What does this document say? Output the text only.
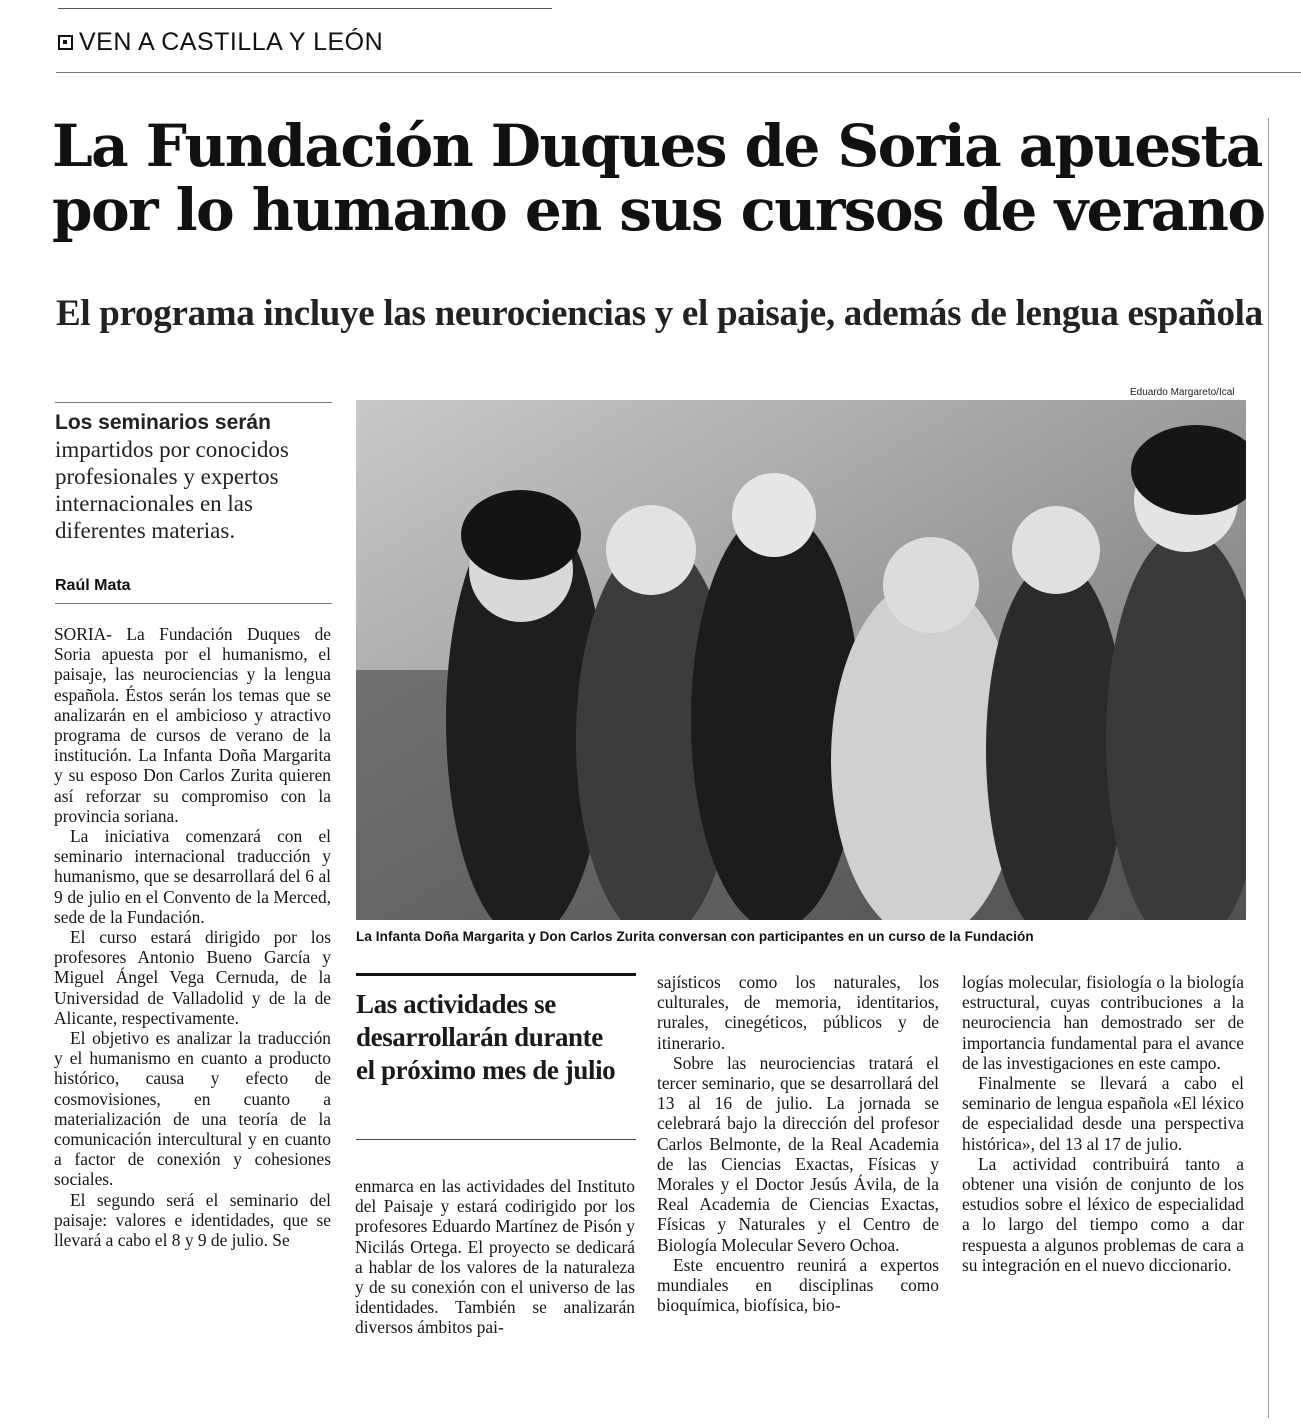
VEN A CASTILLA Y LEÓN
La Fundación Duques de Soria apuesta por lo humano en sus cursos de verano
El programa incluye las neurociencias y el paisaje, además de lengua española
Los seminarios serán impartidos por conocidos profesionales y expertos internacionales en las diferentes materias.
Raúl Mata

SORIA- La Fundación Duques de Soria apuesta por el humanismo, el paisaje, las neurociencias y la lengua española. Éstos serán los temas que se analizarán en el ambicioso y atractivo programa de cursos de verano de la institución. La Infanta Doña Margarita y su esposo Don Carlos Zurita quieren así reforzar su compromiso con la provincia soriana.

La iniciativa comenzará con el seminario internacional traducción y humanismo, que se desarrollará del 6 al 9 de julio en el Convento de la Merced, sede de la Fundación.

El curso estará dirigido por los profesores Antonio Bueno García y Miguel Ángel Vega Cernuda, de la Universidad de Valladolid y de la de Alicante, respectivamente.

El objetivo es analizar la traducción y el humanismo en cuanto a producto histórico, causa y efecto de cosmovisiones, en cuanto a materialización de una teoría de la comunicación intercultural y en cuanto a factor de conexión y cohesiones sociales.

El segundo será el seminario del paisaje: valores e identidades, que se llevará a cabo el 8 y 9 de julio. Se

Eduardo Margareto/Ical
La Infanta Doña Margarita y Don Carlos Zurita conversan con participantes en un curso de la Fundación
Las actividades se desarrollarán durante el próximo mes de julio

enmarca en las actividades del Instituto del Paisaje y estará codirigido por los profesores Eduardo Martínez de Pisón y Nicilás Ortega. El proyecto se dedicará a hablar de los valores de la naturaleza y de su conexión con el universo de las identidades. También se analizarán diversos ámbitos pai-

sajísticos como los naturales, los culturales, de memoria, identitarios, rurales, cinegéticos, públicos y de itinerario.

Sobre las neurociencias tratará el tercer seminario, que se desarrollará del 13 al 16 de julio. La jornada se celebrará bajo la dirección del profesor Carlos Belmonte, de la Real Academia de las Ciencias Exactas, Físicas y Morales y el Doctor Jesús Ávila, de la Real Academia de Ciencias Exactas, Físicas y Naturales y el Centro de Biología Molecular Severo Ochoa.

Este encuentro reunirá a expertos mundiales en disciplinas como bioquímica, biofísica, bio-

logías molecular, fisiología o la biología estructural, cuyas contribuciones a la neurociencia han demostrado ser de importancia fundamental para el avance de las investigaciones en este campo.

Finalmente se llevará a cabo el seminario de lengua española «El léxico de especialidad desde una perspectiva histórica», del 13 al 17 de julio.

La actividad contribuirá tanto a obtener una visión de conjunto de los estudios sobre el léxico de especialidad a lo largo del tiempo como a dar respuesta a algunos problemas de cara a su integración en el nuevo diccionario.
